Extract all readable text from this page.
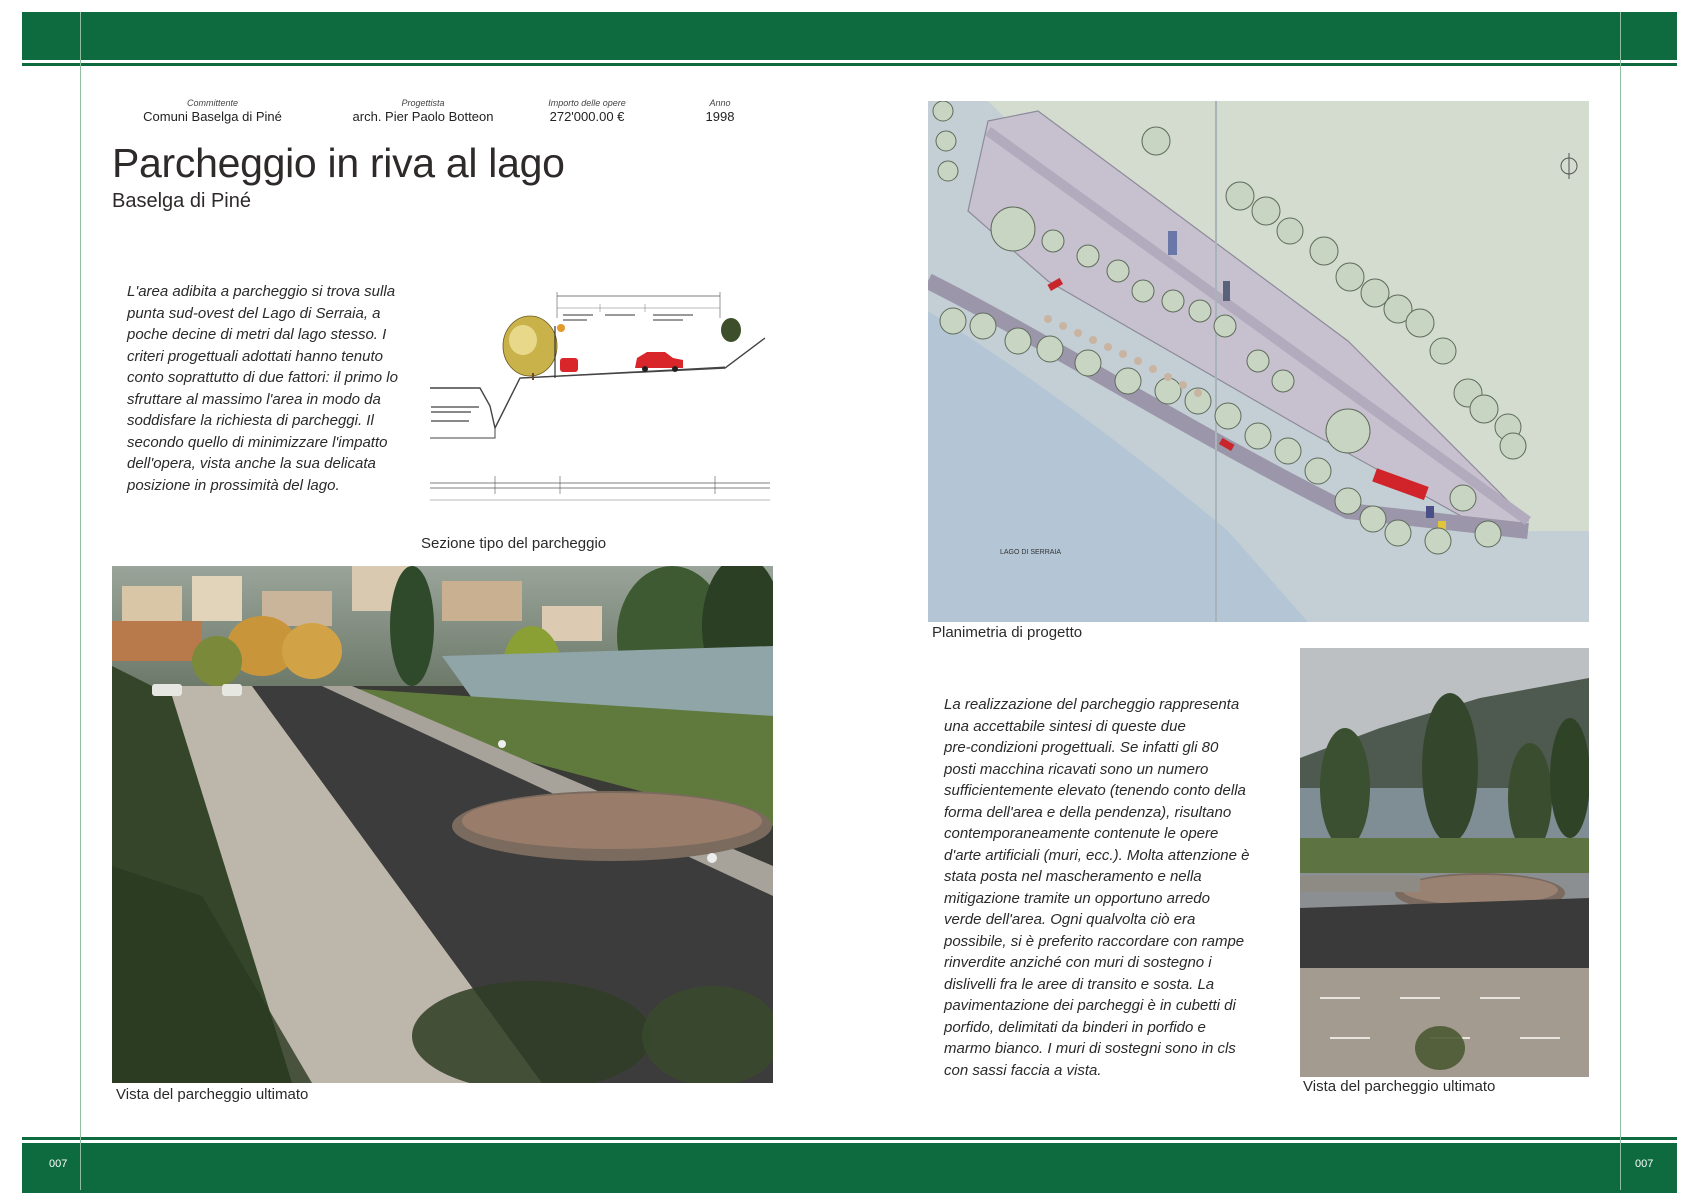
007	007
Committente
Comuni Baselga di Piné
Progettista
arch. Pier Paolo Botteon
Importo delle opere
272'000.00 €
Anno
1998
Parcheggio in riva al lago
Baselga di Piné
L'area adibita a parcheggio si trova sulla
punta sud-ovest del Lago di Serraia, a
poche decine di metri dal lago stesso. I
criteri progettuali adottati hanno tenuto
conto soprattutto di due fattori: il primo lo
sfruttare al massimo l'area in modo da
soddisfare la richiesta di parcheggi. Il
secondo quello di minimizzare l'impatto
dell'opera, vista anche la sua delicata
posizione in prossimità del lago.
Sezione tipo del parcheggio
Vista del parcheggio ultimato
LAGO DI SERRAIA
Planimetria di progetto
La realizzazione del parcheggio rappresenta
una accettabile sintesi di queste due
pre-condizioni progettuali. Se infatti gli 80
posti macchina ricavati sono un numero
sufficientemente elevato (tenendo conto della
forma dell'area e della pendenza), risultano
contemporaneamente contenute le opere
d'arte artificiali (muri, ecc.). Molta attenzione è
stata posta nel mascheramento e nella
mitigazione tramite un opportuno arredo
verde dell'area. Ogni qualvolta ciò era
possibile, si è preferito raccordare con rampe
rinverdite anziché con muri di sostegno i
dislivelli fra le aree di transito e sosta. La
pavimentazione dei parcheggi è in cubetti di
porfido, delimitati da binderi in porfido e
marmo bianco. I muri di sostegni sono in cls
con sassi faccia a vista.
Vista del parcheggio ultimato
